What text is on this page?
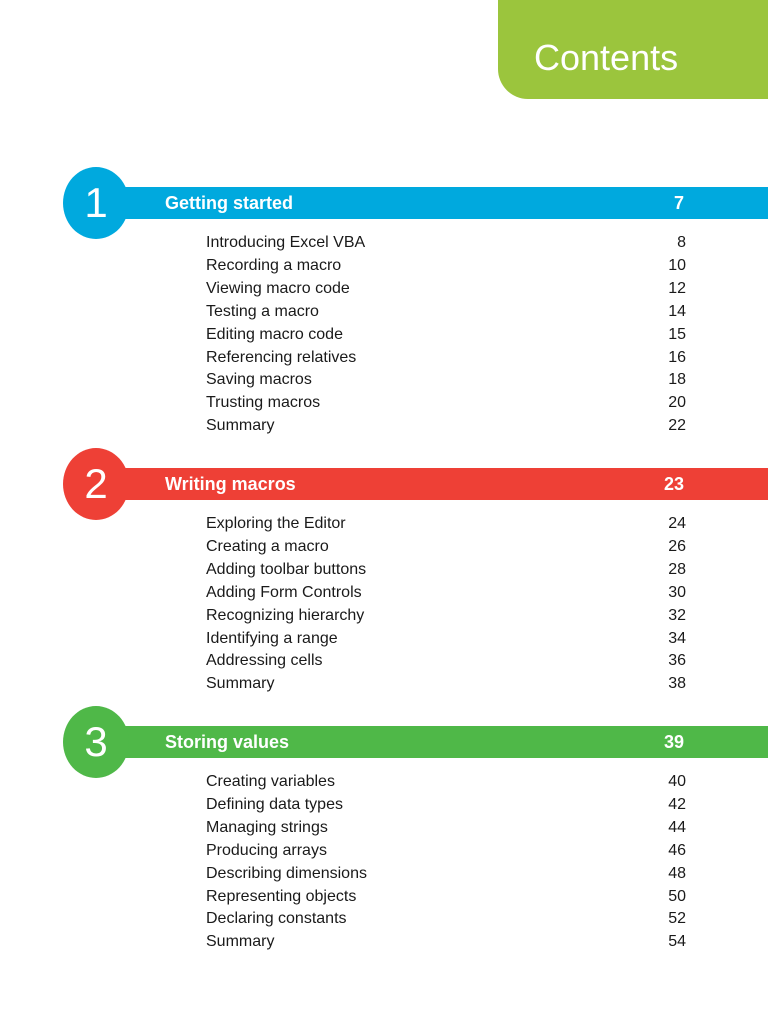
Contents
1	Getting started	7
Introducing Excel VBA	8
Recording a macro	10
Viewing macro code	12
Testing a macro	14
Editing macro code	15
Referencing relatives	16
Saving macros	18
Trusting macros	20
Summary	22
2	Writing macros	23
Exploring the Editor	24
Creating a macro	26
Adding toolbar buttons	28
Adding Form Controls	30
Recognizing hierarchy	32
Identifying a range	34
Addressing cells	36
Summary	38
3	Storing values	39
Creating variables	40
Defining data types	42
Managing strings	44
Producing arrays	46
Describing dimensions	48
Representing objects	50
Declaring constants	52
Summary	54
